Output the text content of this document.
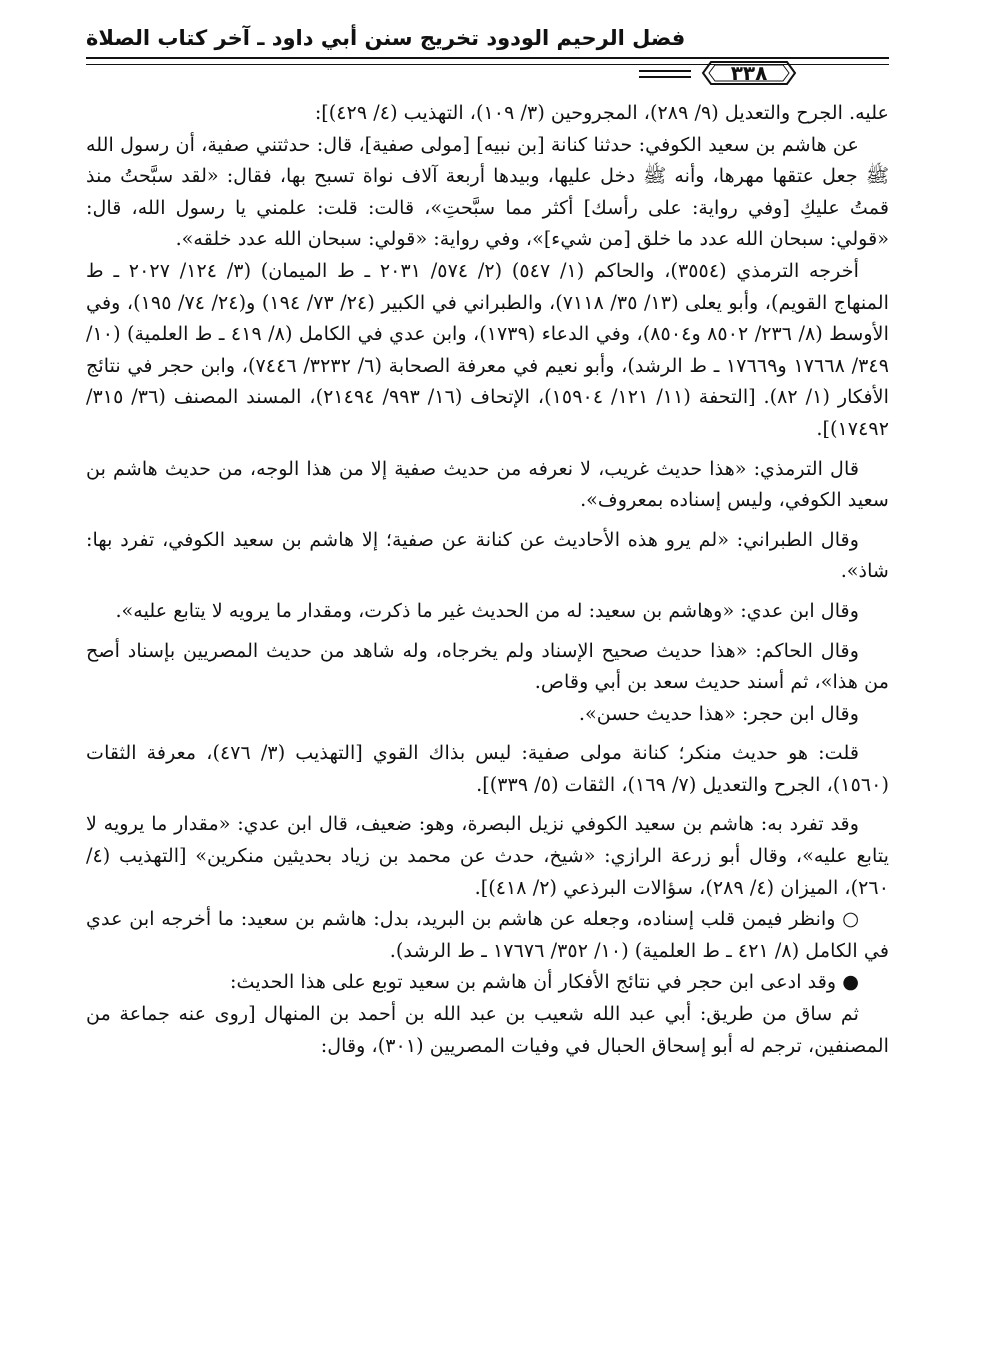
فضل الرحيم الودود تخريج سنن أبي داود ـ آخر كتاب الصلاة
٣٣٨

عليه. الجرح والتعديل (٩/ ٢٨٩)، المجروحين (٣/ ١٠٩)، التهذيب (٤/ ٤٢٩)]:

عن هاشم بن سعيد الكوفي: حدثنا كنانة [بن نبيه] [مولى صفية]، قال: حدثتني صفية، أن رسول الله ﷺ جعل عتقها مهرها، وأنه ﷺ دخل عليها، وبيدها أربعة آلاف نواة تسبح بها، فقال: «لقد سبَّحتُ منذ قمتُ عليكِ [وفي رواية: على رأسك] أكثر مما سبَّحتِ»، قالت: قلت: علمني يا رسول الله، قال: «قولي: سبحان الله عدد ما خلق [من شيء]»، وفي رواية: «قولي: سبحان الله عدد خلقه».

أخرجه الترمذي (٣٥٥٤)، والحاكم (١/ ٥٤٧) (٢/ ٥٧٤/ ٢٠٣١ ـ ط الميمان) (٣/ ١٢٤/ ٢٠٢٧ ـ ط المنهاج القويم)، وأبو يعلى (١٣/ ٣٥/ ٧١١٨)، والطبراني في الكبير (٢٤/ ٧٣/ ١٩٤) و(٢٤/ ٧٤/ ١٩٥)، وفي الأوسط (٨/ ٢٣٦/ ٨٥٠٢ و٨٥٠٤)، وفي الدعاء (١٧٣٩)، وابن عدي في الكامل (٨/ ٤١٩ ـ ط العلمية) (١٠/ ٣٤٩/ ١٧٦٦٨ و١٧٦٦٩ ـ ط الرشد)، وأبو نعيم في معرفة الصحابة (٦/ ٣٢٣٢/ ٧٤٤٦)، وابن حجر في نتائج الأفكار (١/ ٨٢). [التحفة (١١/ ١٢١/ ١٥٩٠٤)، الإتحاف (١٦/ ٩٩٣/ ٢١٤٩٤)، المسند المصنف (٣٦/ ٣١٥/ ١٧٤٩٢)].

قال الترمذي: «هذا حديث غريب، لا نعرفه من حديث صفية إلا من هذا الوجه، من حديث هاشم بن سعيد الكوفي، وليس إسناده بمعروف».

وقال الطبراني: «لم يرو هذه الأحاديث عن كنانة عن صفية؛ إلا هاشم بن سعيد الكوفي، تفرد بها: شاذ».

وقال ابن عدي: «وهاشم بن سعيد: له من الحديث غير ما ذكرت، ومقدار ما يرويه لا يتابع عليه».

وقال الحاكم: «هذا حديث صحيح الإسناد ولم يخرجاه، وله شاهد من حديث المصريين بإسناد أصح من هذا»، ثم أسند حديث سعد بن أبي وقاص.

وقال ابن حجر: «هذا حديث حسن».

قلت: هو حديث منكر؛ كنانة مولى صفية: ليس بذاك القوي [التهذيب (٣/ ٤٧٦)، معرفة الثقات (١٥٦٠)، الجرح والتعديل (٧/ ١٦٩)، الثقات (٥/ ٣٣٩)].

وقد تفرد به: هاشم بن سعيد الكوفي نزيل البصرة، وهو: ضعيف، قال ابن عدي: «مقدار ما يرويه لا يتابع عليه»، وقال أبو زرعة الرازي: «شيخ، حدث عن محمد بن زياد بحديثين منكرين» [التهذيب (٤/ ٢٦٠)، الميزان (٤/ ٢٨٩)، سؤالات البرذعي (٢/ ٤١٨)].

○ وانظر فيمن قلب إسناده، وجعله عن هاشم بن البريد، بدل: هاشم بن سعيد: ما أخرجه ابن عدي في الكامل (٨/ ٤٢١ ـ ط العلمية) (١٠/ ٣٥٢/ ١٧٦٧٦ ـ ط الرشد).

● وقد ادعى ابن حجر في نتائج الأفكار أن هاشم بن سعيد توبع على هذا الحديث:

ثم ساق من طريق: أبي عبد الله شعيب بن عبد الله بن أحمد بن المنهال [روى عنه جماعة من المصنفين، ترجم له أبو إسحاق الحبال في وفيات المصريين (٣٠١)، وقال:
